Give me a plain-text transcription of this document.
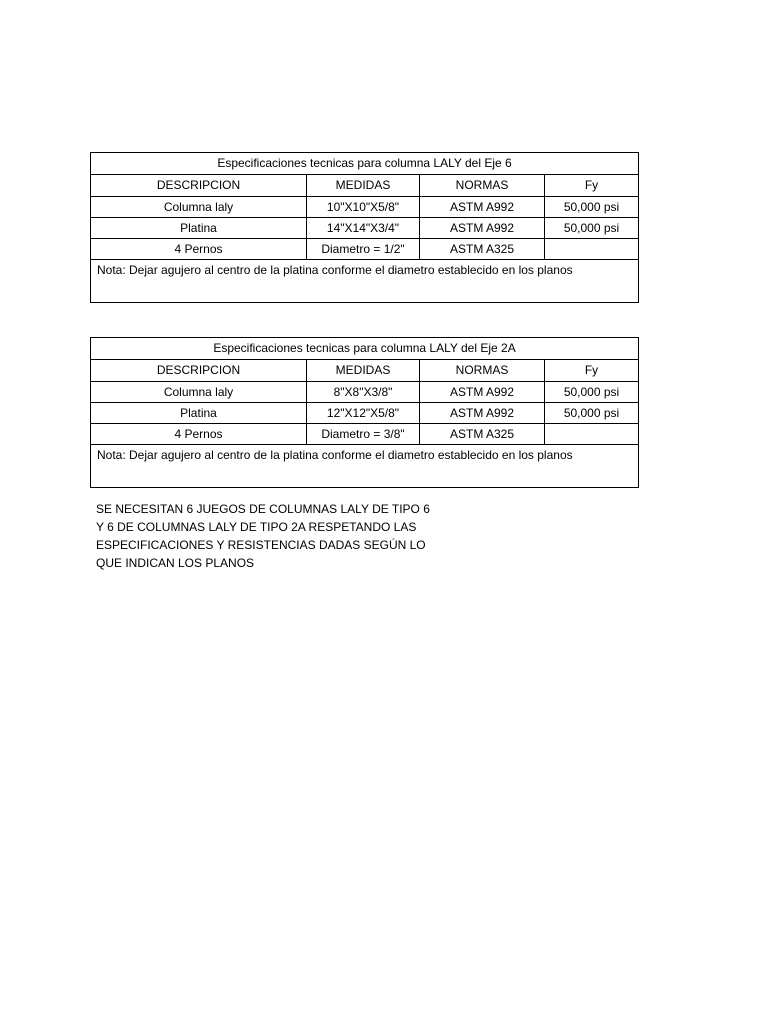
Especificaciones tecnicas para columna LALY del Eje 6			
DESCRIPCION	MEDIDAS	NORMAS	Fy
Columna laly	10"X10"X5/8"	ASTM A992	50,000 psi
Platina	14"X14"X3/4"	ASTM A992	50,000 psi
4 Pernos	Diametro = 1/2"	ASTM A325	
Nota: Dejar agujero al centro de la platina conforme el diametro establecido en los planos			
Especificaciones tecnicas para columna LALY del Eje 2A			
DESCRIPCION	MEDIDAS	NORMAS	Fy
Columna laly	8"X8"X3/8"	ASTM A992	50,000 psi
Platina	12"X12"X5/8"	ASTM A992	50,000 psi
4 Pernos	Diametro = 3/8"	ASTM A325	
Nota: Dejar agujero al centro de la platina conforme el diametro establecido en los planos			

SE NECESITAN 6 JUEGOS DE COLUMNAS LALY DE TIPO 6
Y 6 DE COLUMNAS LALY DE TIPO 2A RESPETANDO LAS
ESPECIFICACIONES Y RESISTENCIAS DADAS SEGÚN LO
QUE INDICAN LOS PLANOS
